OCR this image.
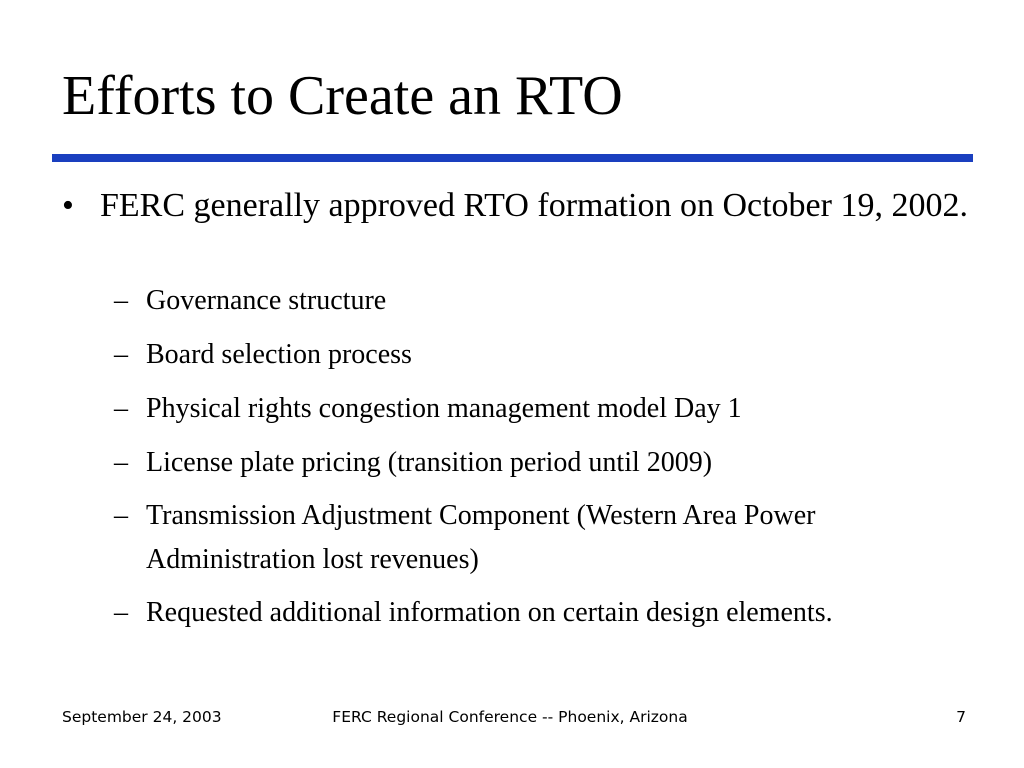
Efforts to Create an RTO
• FERC generally approved RTO formation on October 19, 2002.
– Governance structure
– Board selection process
– Physical rights congestion management model Day 1
– License plate pricing (transition period until 2009)
– Transmission Adjustment Component (Western Area Power Administration lost revenues)
– Requested additional information on certain design elements.
September 24, 2003	FERC Regional Conference -- Phoenix, Arizona	7
